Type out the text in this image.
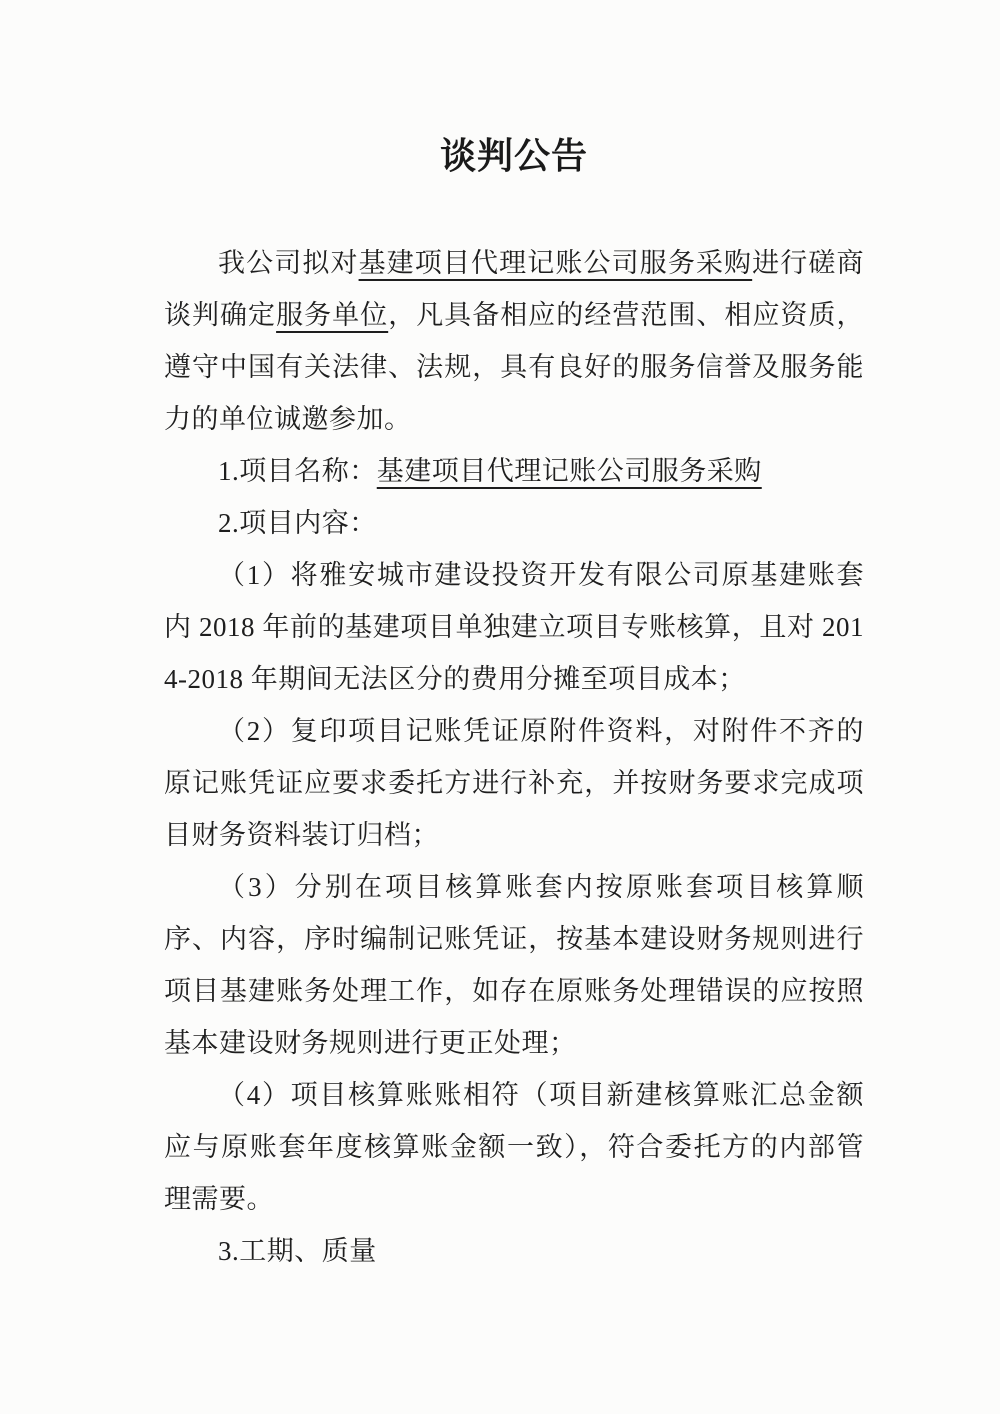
谈判公告

我公司拟对基建项目代理记账公司服务采购进行磋商谈判确定服务单位，凡具备相应的经营范围、相应资质，遵守中国有关法律、法规，具有良好的服务信誉及服务能力的单位诚邀参加。

1.项目名称：基建项目代理记账公司服务采购

2.项目内容：

（1）将雅安城市建设投资开发有限公司原基建账套内 2018 年前的基建项目单独建立项目专账核算，且对 2014-2018 年期间无法区分的费用分摊至项目成本；

（2）复印项目记账凭证原附件资料，对附件不齐的原记账凭证应要求委托方进行补充，并按财务要求完成项目财务资料装订归档；

（3）分别在项目核算账套内按原账套项目核算顺序、内容，序时编制记账凭证，按基本建设财务规则进行项目基建账务处理工作，如存在原账务处理错误的应按照基本建设财务规则进行更正处理；

（4）项目核算账账相符（项目新建核算账汇总金额应与原账套年度核算账金额一致），符合委托方的内部管理需要。

3.工期、质量
